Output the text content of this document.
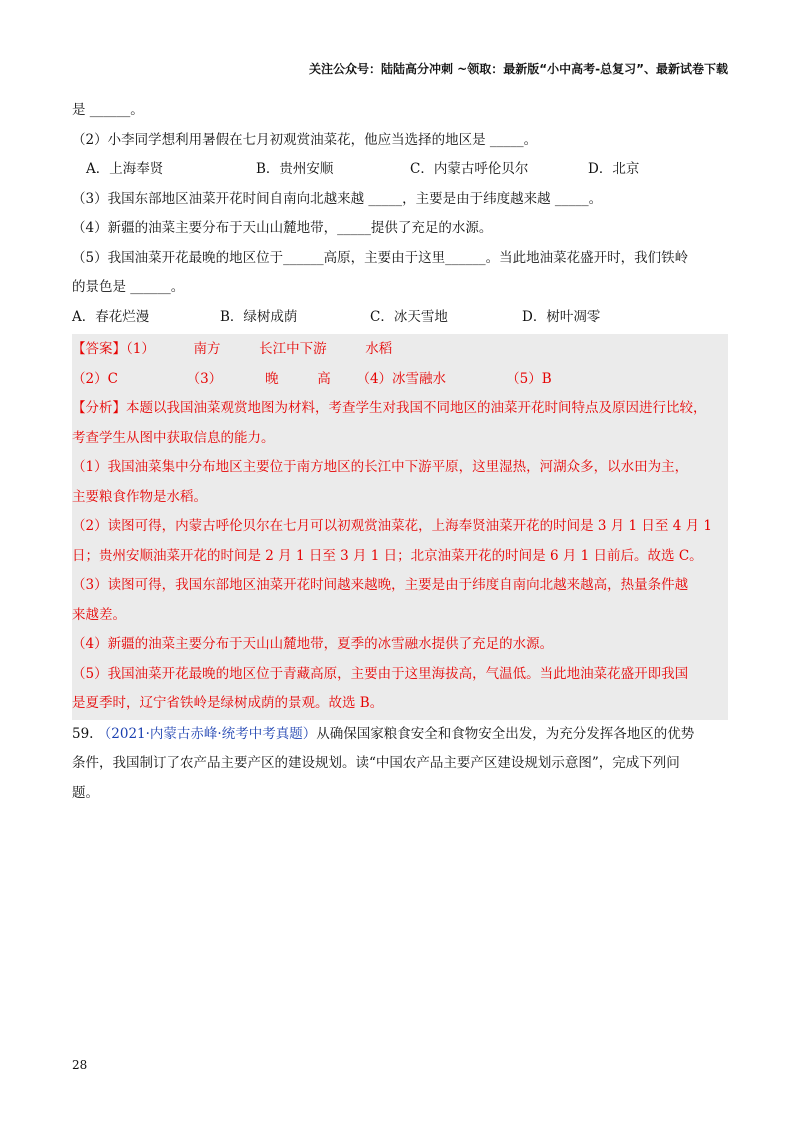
关注公众号：陆陆高分冲刺 ~领取：最新版“小中高考-总复习”、最新试卷下载
是 ______。
（2）小李同学想利用暑假在七月初观赏油菜花，他应当选择的地区是 _____。
A．上海奉贤	B．贵州安顺	C．内蒙古呼伦贝尔	D．北京
（3）我国东部地区油菜开花时间自南向北越来越 _____，主要是由于纬度越来越 _____。
（4）新疆的油菜主要分布于天山山麓地带，_____提供了充足的水源。
（5）我国油菜开花最晚的地区位于______高原，主要由于这里______。当此地油菜花盛开时，我们铁岭
的景色是 ______。
A．春花烂漫	B．绿树成荫	C．冰天雪地	D．树叶凋零
【答案】（1）         南方         长江中下游         水稻
（2）C                （3）          晚         高      （4）冰雪融水              （5）B
【分析】本题以我国油菜观赏地图为材料，考查学生对我国不同地区的油菜开花时间特点及原因进行比较，
考查学生从图中获取信息的能力。
（1）我国油菜集中分布地区主要位于南方地区的长江中下游平原，这里湿热，河湖众多，以水田为主，
主要粮食作物是水稻。
（2）读图可得，内蒙古呼伦贝尔在七月可以初观赏油菜花，上海奉贤油菜开花的时间是 3 月 1 日至 4 月 1
日；贵州安顺油菜开花的时间是 2 月 1 日至 3 月 1 日；北京油菜开花的时间是 6 月 1 日前后。故选 C。
（3）读图可得，我国东部地区油菜开花时间越来越晚，主要是由于纬度自南向北越来越高，热量条件越
来越差。
（4）新疆的油菜主要分布于天山山麓地带，夏季的冰雪融水提供了充足的水源。
（5）我国油菜开花最晚的地区位于青藏高原，主要由于这里海拔高，气温低。当此地油菜花盛开即我国
是夏季时，辽宁省铁岭是绿树成荫的景观。故选 B。
59. （2021·内蒙古赤峰·统考中考真题）从确保国家粮食安全和食物安全出发，为充分发挥各地区的优势
条件，我国制订了农产品主要产区的建设规划。读“中国农产品主要产区建设规划示意图”，完成下列问
题。
28
